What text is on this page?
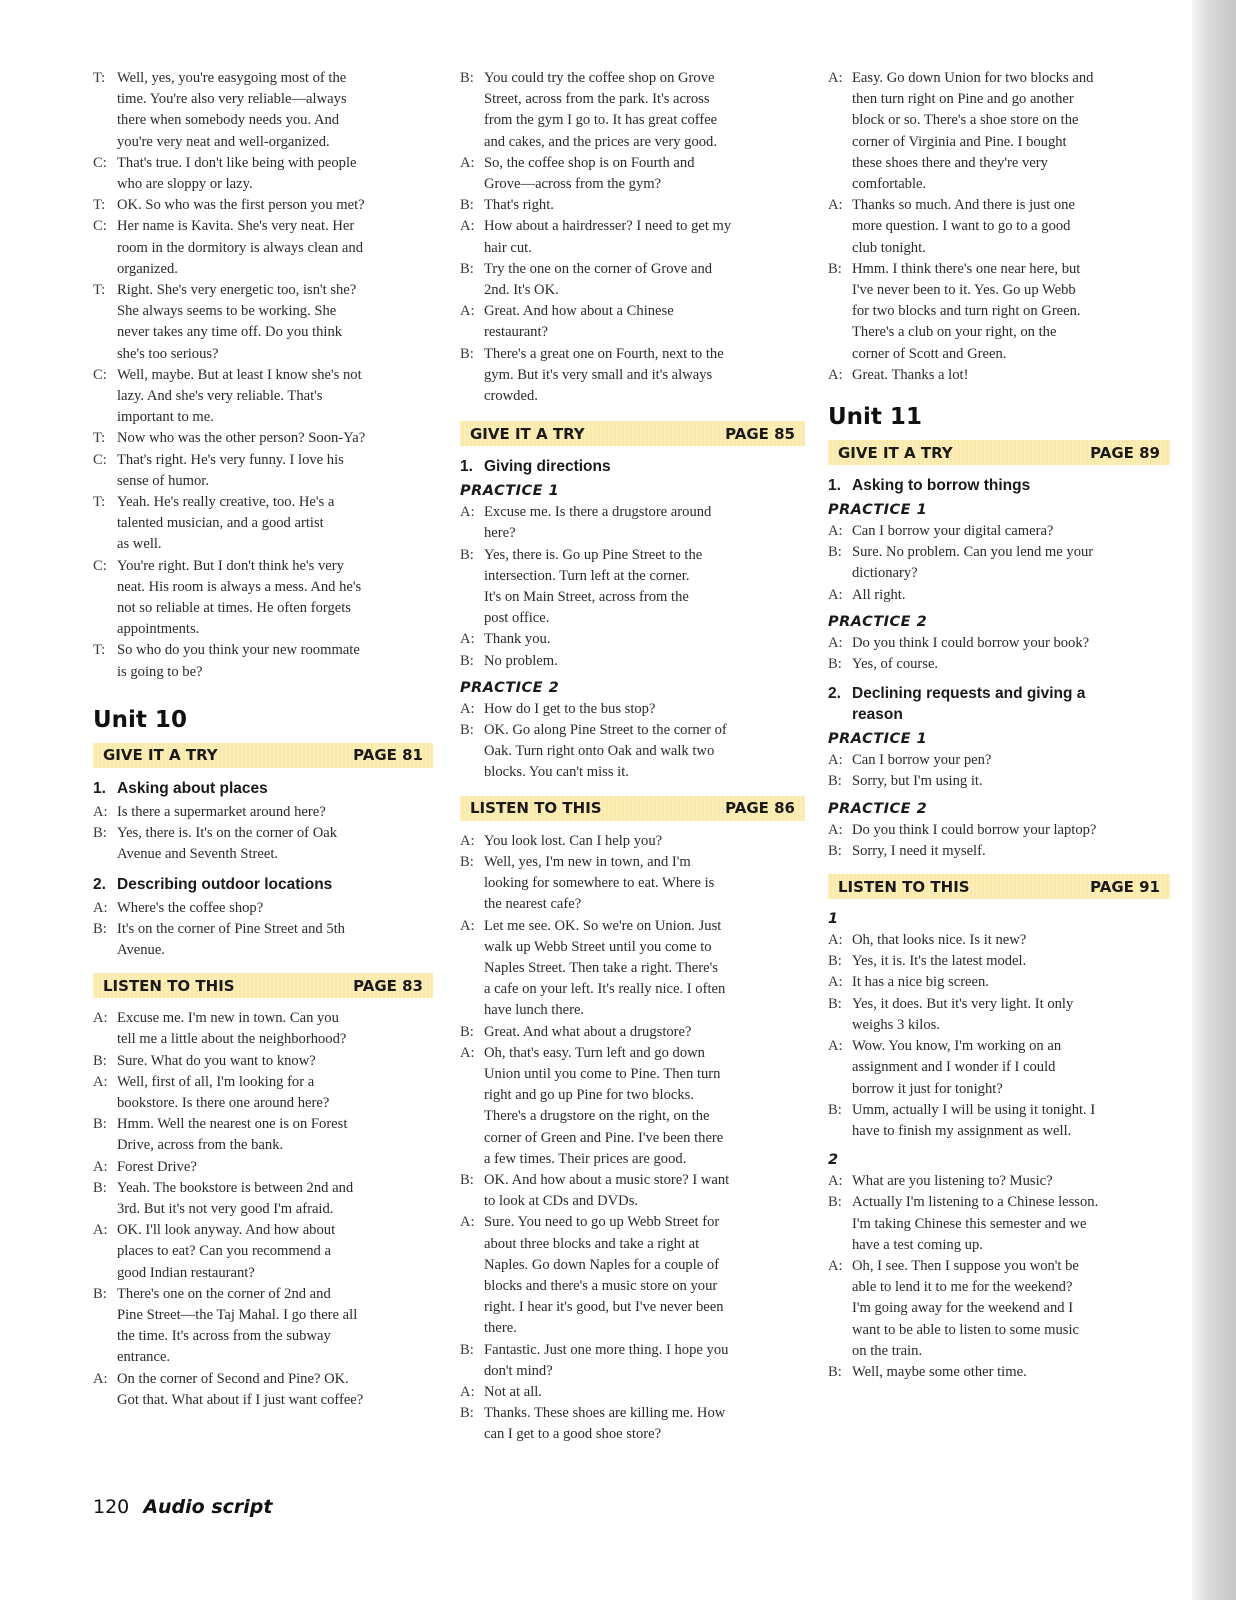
T: Well, yes, you're easygoing most of the
time. You're also very reliable—always
there when somebody needs you. And
you're very neat and well-organized.
C: That's true. I don't like being with people
who are sloppy or lazy.
T: OK. So who was the first person you met?
C: Her name is Kavita. She's very neat. Her
room in the dormitory is always clean and
organized.
T: Right. She's very energetic too, isn't she?
She always seems to be working. She
never takes any time off. Do you think
she's too serious?
C: Well, maybe. But at least I know she's not
lazy. And she's very reliable. That's
important to me.
T: Now who was the other person? Soon-Ya?
C: That's right. He's very funny. I love his
sense of humor.
T: Yeah. He's really creative, too. He's a
talented musician, and a good artist
as well.
C: You're right. But I don't think he's very
neat. His room is always a mess. And he's
not so reliable at times. He often forgets
appointments.
T: So who do you think your new roommate
is going to be?
Unit 10
GIVE IT A TRY	PAGE 81
1. Asking about places
A: Is there a supermarket around here?
B: Yes, there is. It's on the corner of Oak
Avenue and Seventh Street.
2. Describing outdoor locations
A: Where's the coffee shop?
B: It's on the corner of Pine Street and 5th
Avenue.
LISTEN TO THIS	PAGE 83
A: Excuse me. I'm new in town. Can you
tell me a little about the neighborhood?
B: Sure. What do you want to know?
A: Well, first of all, I'm looking for a
bookstore. Is there one around here?
B: Hmm. Well the nearest one is on Forest
Drive, across from the bank.
A: Forest Drive?
B: Yeah. The bookstore is between 2nd and
3rd. But it's not very good I'm afraid.
A: OK. I'll look anyway. And how about
places to eat? Can you recommend a
good Indian restaurant?
B: There's one on the corner of 2nd and
Pine Street—the Taj Mahal. I go there all
the time. It's across from the subway
entrance.
A: On the corner of Second and Pine? OK.
Got that. What about if I just want coffee?
B: You could try the coffee shop on Grove
Street, across from the park. It's across
from the gym I go to. It has great coffee
and cakes, and the prices are very good.
A: So, the coffee shop is on Fourth and
Grove—across from the gym?
B: That's right.
A: How about a hairdresser? I need to get my
hair cut.
B: Try the one on the corner of Grove and
2nd. It's OK.
A: Great. And how about a Chinese
restaurant?
B: There's a great one on Fourth, next to the
gym. But it's very small and it's always
crowded.
GIVE IT A TRY	PAGE 85
1. Giving directions
PRACTICE 1
A: Excuse me. Is there a drugstore around
here?
B: Yes, there is. Go up Pine Street to the
intersection. Turn left at the corner.
It's on Main Street, across from the
post office.
A: Thank you.
B: No problem.
PRACTICE 2
A: How do I get to the bus stop?
B: OK. Go along Pine Street to the corner of
Oak. Turn right onto Oak and walk two
blocks. You can't miss it.
LISTEN TO THIS	PAGE 86
A: You look lost. Can I help you?
B: Well, yes, I'm new in town, and I'm
looking for somewhere to eat. Where is
the nearest cafe?
A: Let me see. OK. So we're on Union. Just
walk up Webb Street until you come to
Naples Street. Then take a right. There's
a cafe on your left. It's really nice. I often
have lunch there.
B: Great. And what about a drugstore?
A: Oh, that's easy. Turn left and go down
Union until you come to Pine. Then turn
right and go up Pine for two blocks.
There's a drugstore on the right, on the
corner of Green and Pine. I've been there
a few times. Their prices are good.
B: OK. And how about a music store? I want
to look at CDs and DVDs.
A: Sure. You need to go up Webb Street for
about three blocks and take a right at
Naples. Go down Naples for a couple of
blocks and there's a music store on your
right. I hear it's good, but I've never been
there.
B: Fantastic. Just one more thing. I hope you
don't mind?
A: Not at all.
B: Thanks. These shoes are killing me. How
can I get to a good shoe store?
A: Easy. Go down Union for two blocks and
then turn right on Pine and go another
block or so. There's a shoe store on the
corner of Virginia and Pine. I bought
these shoes there and they're very
comfortable.
A: Thanks so much. And there is just one
more question. I want to go to a good
club tonight.
B: Hmm. I think there's one near here, but
I've never been to it. Yes. Go up Webb
for two blocks and turn right on Green.
There's a club on your right, on the
corner of Scott and Green.
A: Great. Thanks a lot!
Unit 11
GIVE IT A TRY	PAGE 89
1. Asking to borrow things
PRACTICE 1
A: Can I borrow your digital camera?
B: Sure. No problem. Can you lend me your
dictionary?
A: All right.
PRACTICE 2
A: Do you think I could borrow your book?
B: Yes, of course.
2. Declining requests and giving a
reason
PRACTICE 1
A: Can I borrow your pen?
B: Sorry, but I'm using it.
PRACTICE 2
A: Do you think I could borrow your laptop?
B: Sorry, I need it myself.
LISTEN TO THIS	PAGE 91
1
A: Oh, that looks nice. Is it new?
B: Yes, it is. It's the latest model.
A: It has a nice big screen.
B: Yes, it does. But it's very light. It only
weighs 3 kilos.
A: Wow. You know, I'm working on an
assignment and I wonder if I could
borrow it just for tonight?
B: Umm, actually I will be using it tonight. I
have to finish my assignment as well.
2
A: What are you listening to? Music?
B: Actually I'm listening to a Chinese lesson.
I'm taking Chinese this semester and we
have a test coming up.
A: Oh, I see. Then I suppose you won't be
able to lend it to me for the weekend?
I'm going away for the weekend and I
want to be able to listen to some music
on the train.
B: Well, maybe some other time.
120 Audio script
